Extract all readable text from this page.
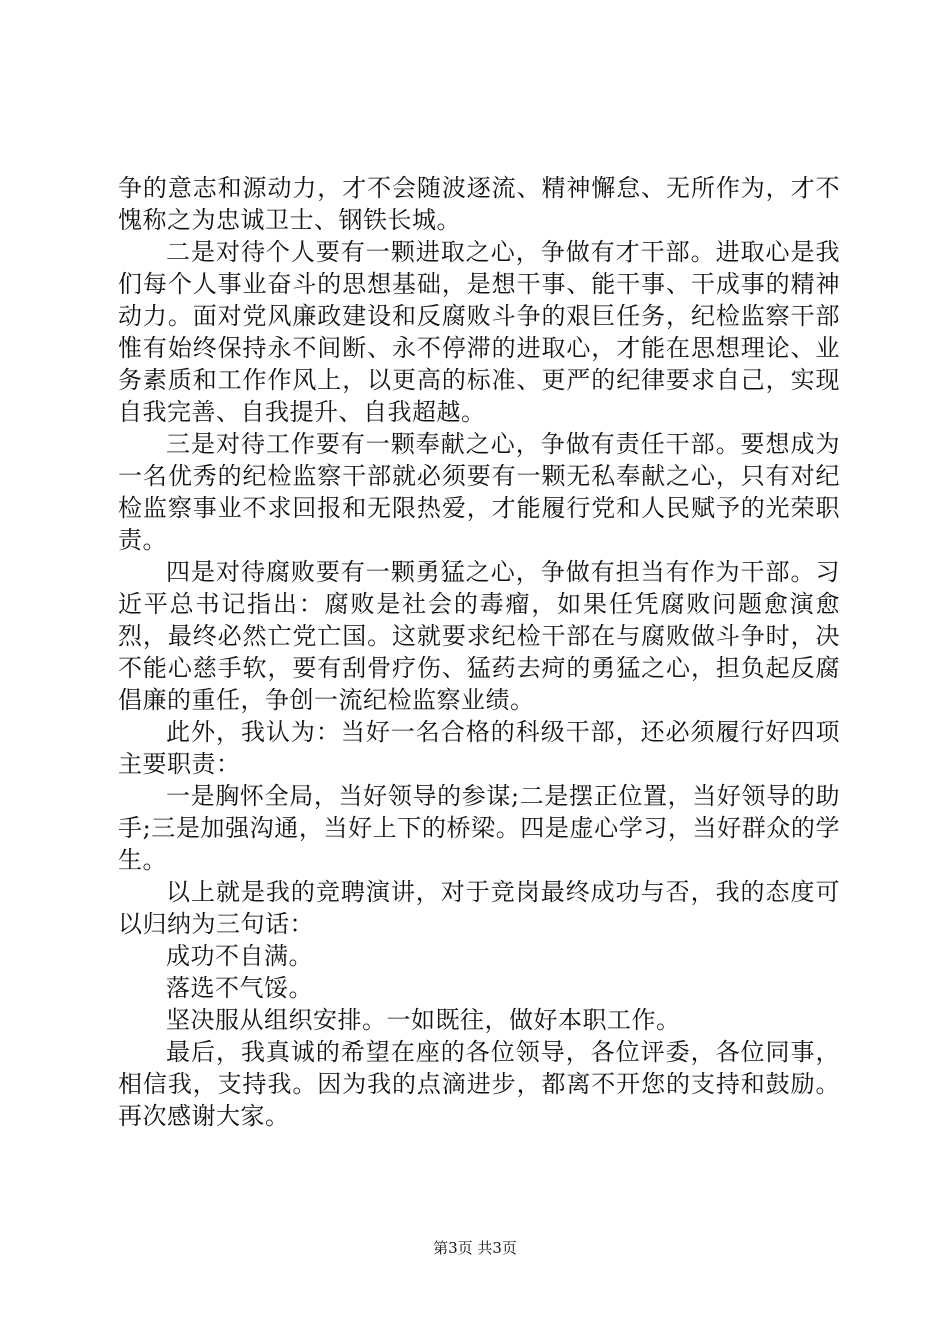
争的意志和源动力，才不会随波逐流、精神懈怠、无所作为，才不愧称之为忠诚卫士、钢铁长城。

二是对待个人要有一颗进取之心，争做有才干部。进取心是我们每个人事业奋斗的思想基础，是想干事、能干事、干成事的精神动力。面对党风廉政建设和反腐败斗争的艰巨任务，纪检监察干部惟有始终保持永不间断、永不停滞的进取心，才能在思想理论、业务素质和工作作风上，以更高的标准、更严的纪律要求自己，实现自我完善、自我提升、自我超越。

三是对待工作要有一颗奉献之心，争做有责任干部。要想成为一名优秀的纪检监察干部就必须要有一颗无私奉献之心，只有对纪检监察事业不求回报和无限热爱，才能履行党和人民赋予的光荣职责。

四是对待腐败要有一颗勇猛之心，争做有担当有作为干部。习近平总书记指出：腐败是社会的毒瘤，如果任凭腐败问题愈演愈烈，最终必然亡党亡国。这就要求纪检干部在与腐败做斗争时，决不能心慈手软，要有刮骨疗伤、猛药去疴的勇猛之心，担负起反腐倡廉的重任，争创一流纪检监察业绩。

此外，我认为：当好一名合格的科级干部，还必须履行好四项主要职责：

一是胸怀全局，当好领导的参谋;二是摆正位置，当好领导的助手;三是加强沟通，当好上下的桥梁。四是虚心学习，当好群众的学生。

以上就是我的竞聘演讲，对于竞岗最终成功与否，我的态度可以归纳为三句话：

成功不自满。

落选不气馁。

坚决服从组织安排。一如既往，做好本职工作。

最后，我真诚的希望在座的各位领导，各位评委，各位同事，相信我，支持我。因为我的点滴进步，都离不开您的支持和鼓励。再次感谢大家。

第3页 共3页
